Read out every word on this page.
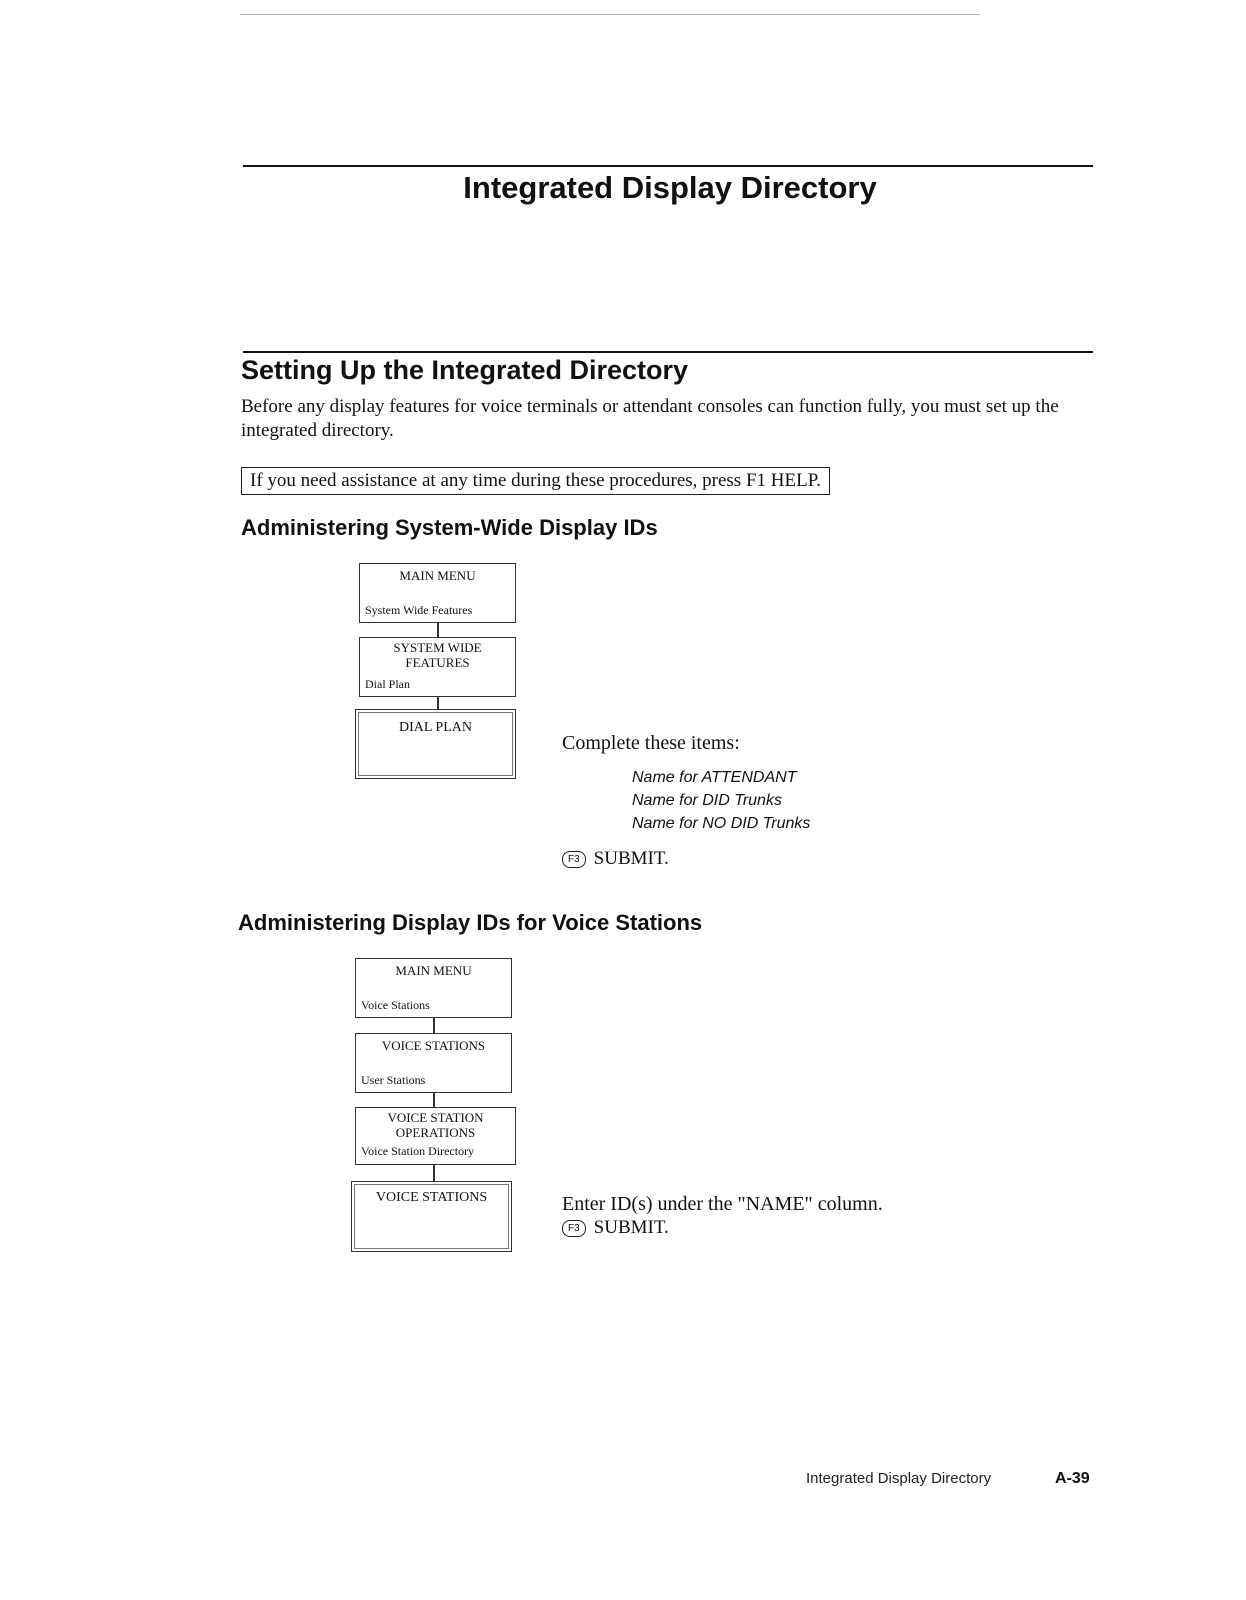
Integrated Display Directory
Setting Up the Integrated Directory
Before any display features for voice terminals or attendant consoles can function fully, you must set up the integrated directory.
If you need assistance at any time during these procedures, press F1 HELP.
Administering System-Wide Display IDs
MAIN MENU
System Wide Features
SYSTEM WIDE FEATURES
Dial Plan
DIAL PLAN
Complete these items:
Name for ATTENDANT
Name for DID Trunks
Name for NO DID Trunks
F3 SUBMIT.
Administering Display IDs for Voice Stations
MAIN MENU
Voice Stations
VOICE STATIONS
User Stations
VOICE STATION OPERATIONS
Voice Station Directory
VOICE STATIONS	Enter ID(s) under the "NAME" column.
F3 SUBMIT.
Integrated Display Directory	A-39
